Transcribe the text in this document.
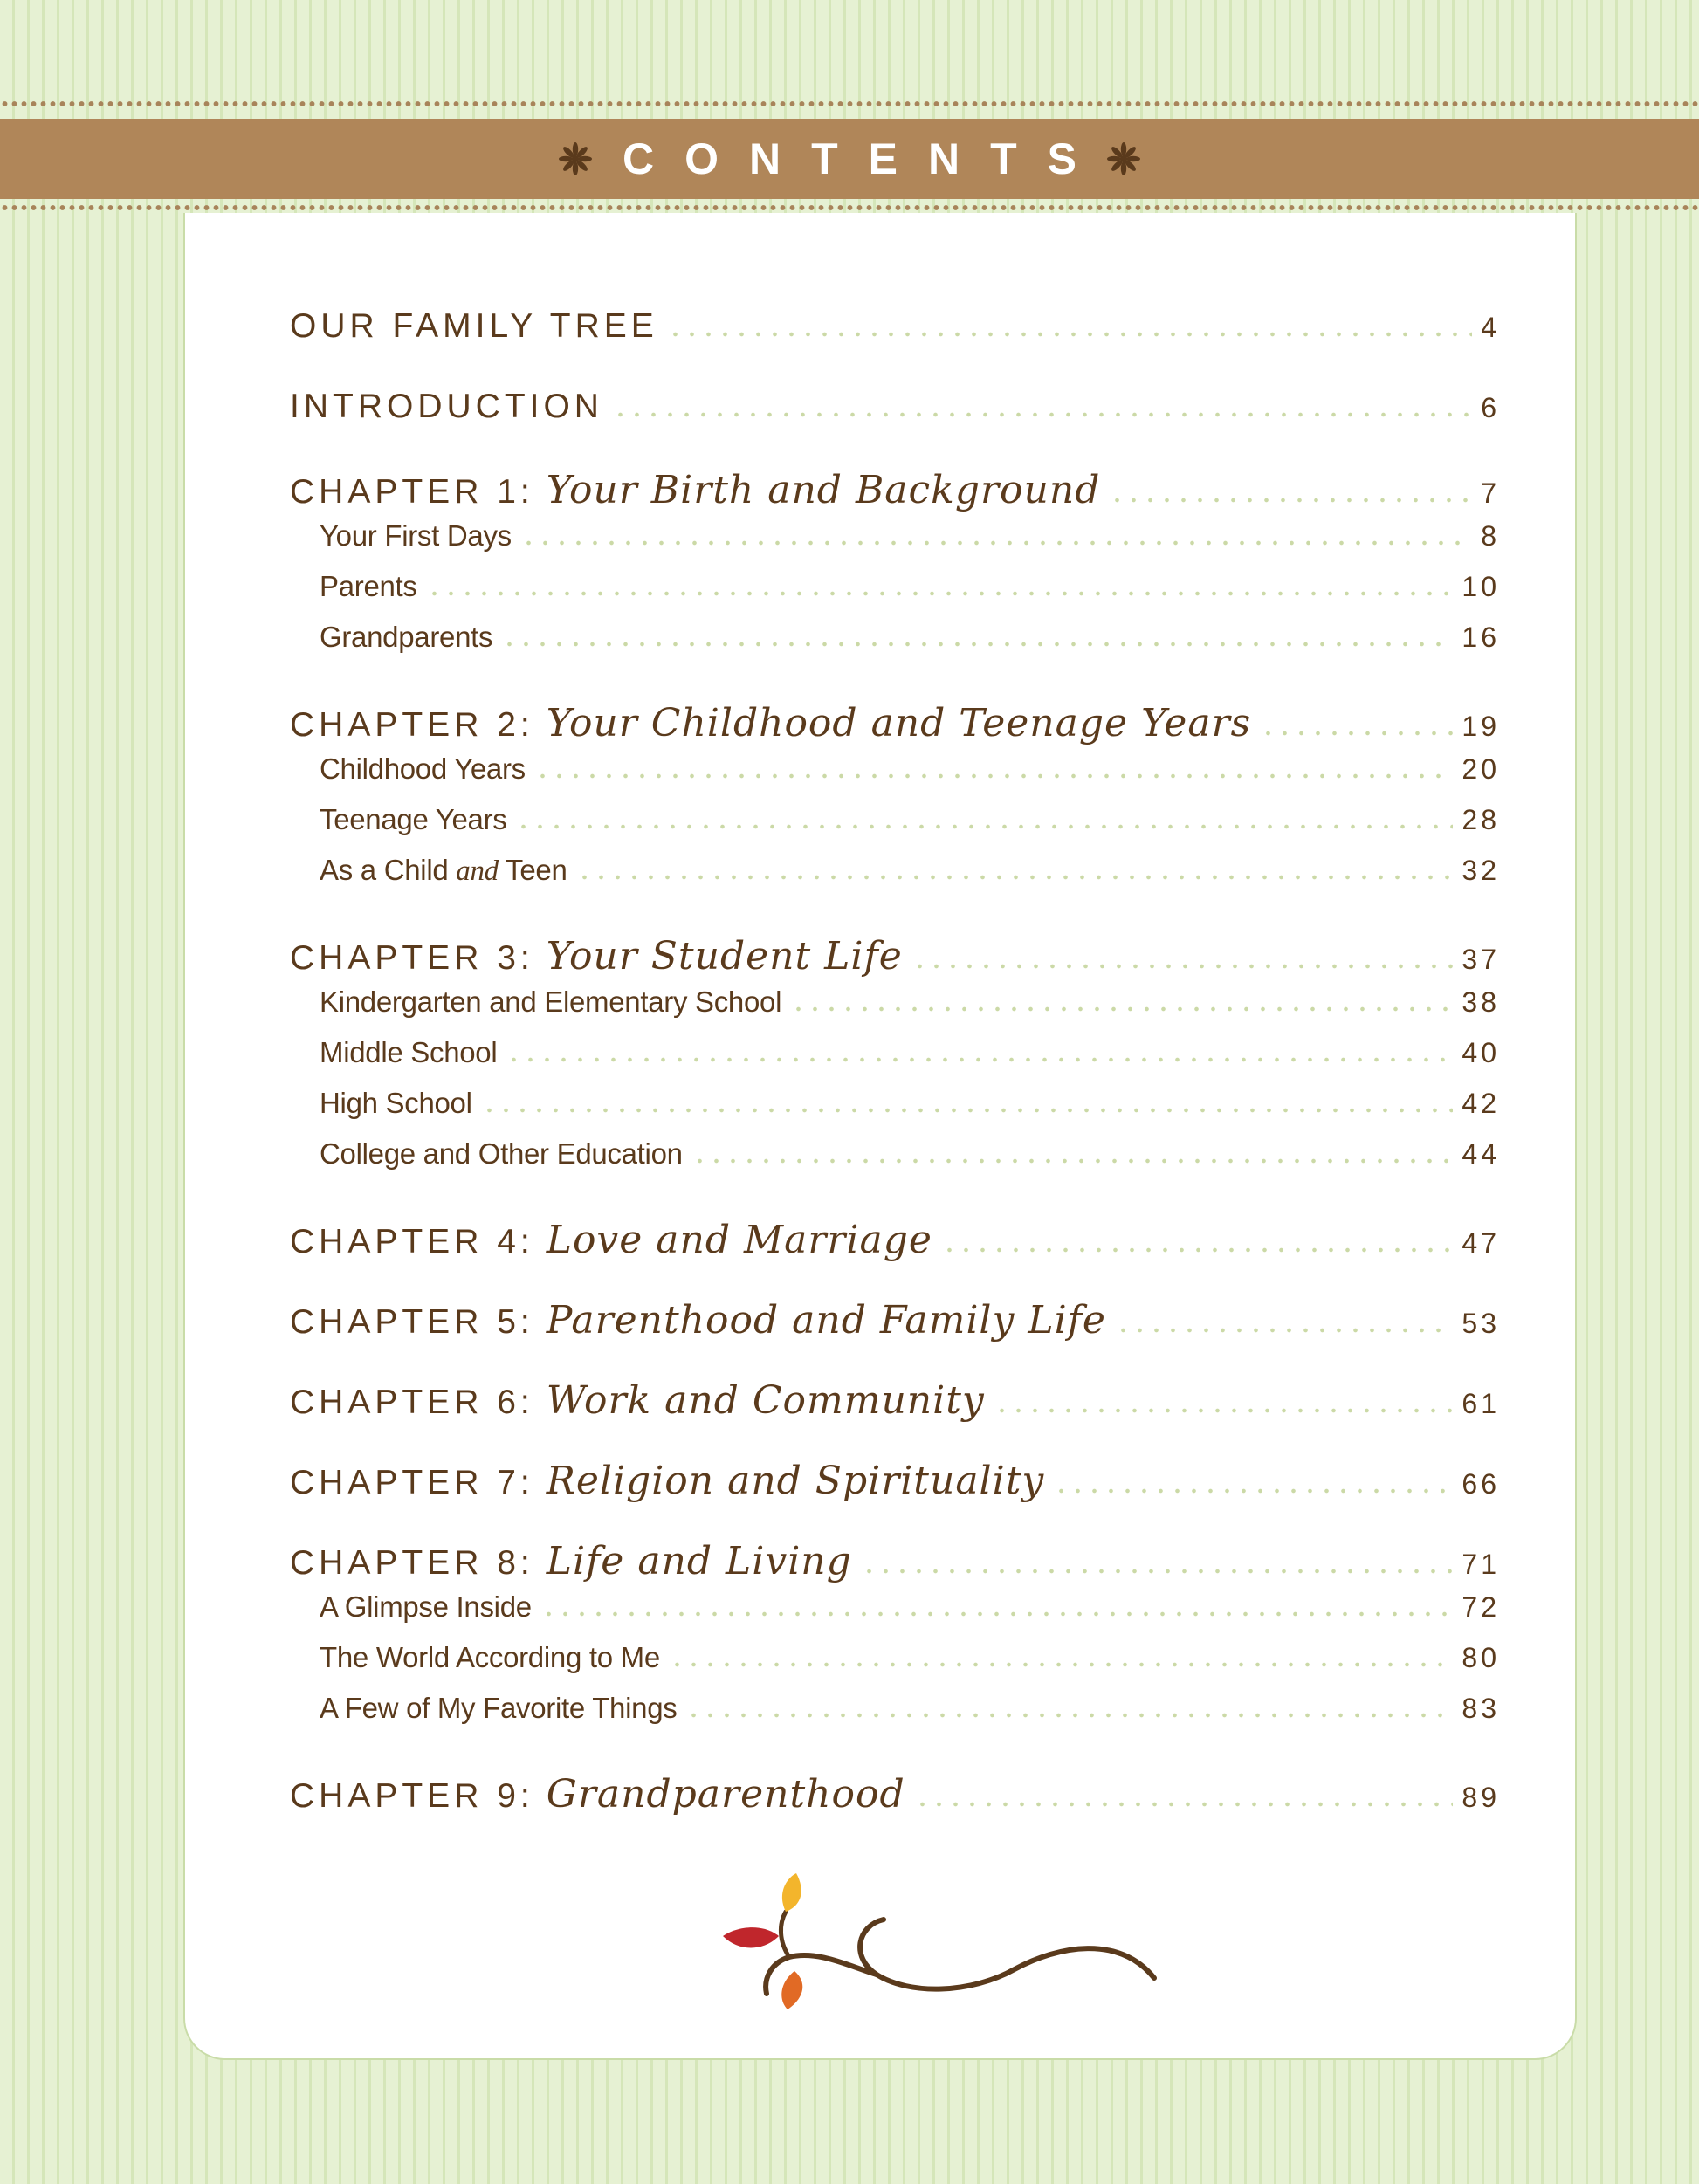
CONTENTS
OUR FAMILY TREE	4
INTRODUCTION	6
CHAPTER 1: Your Birth and Background	7
Your First Days	8
Parents	10
Grandparents	16
CHAPTER 2: Your Childhood and Teenage Years	19
Childhood Years	20
Teenage Years	28
As a Child and Teen	32
CHAPTER 3: Your Student Life	37
Kindergarten and Elementary School	38
Middle School	40
High School	42
College and Other Education	44
CHAPTER 4: Love and Marriage	47
CHAPTER 5: Parenthood and Family Life	53
CHAPTER 6: Work and Community	61
CHAPTER 7: Religion and Spirituality	66
CHAPTER 8: Life and Living	71
A Glimpse Inside	72
The World According to Me	80
A Few of My Favorite Things	83
CHAPTER 9: Grandparenthood	89
